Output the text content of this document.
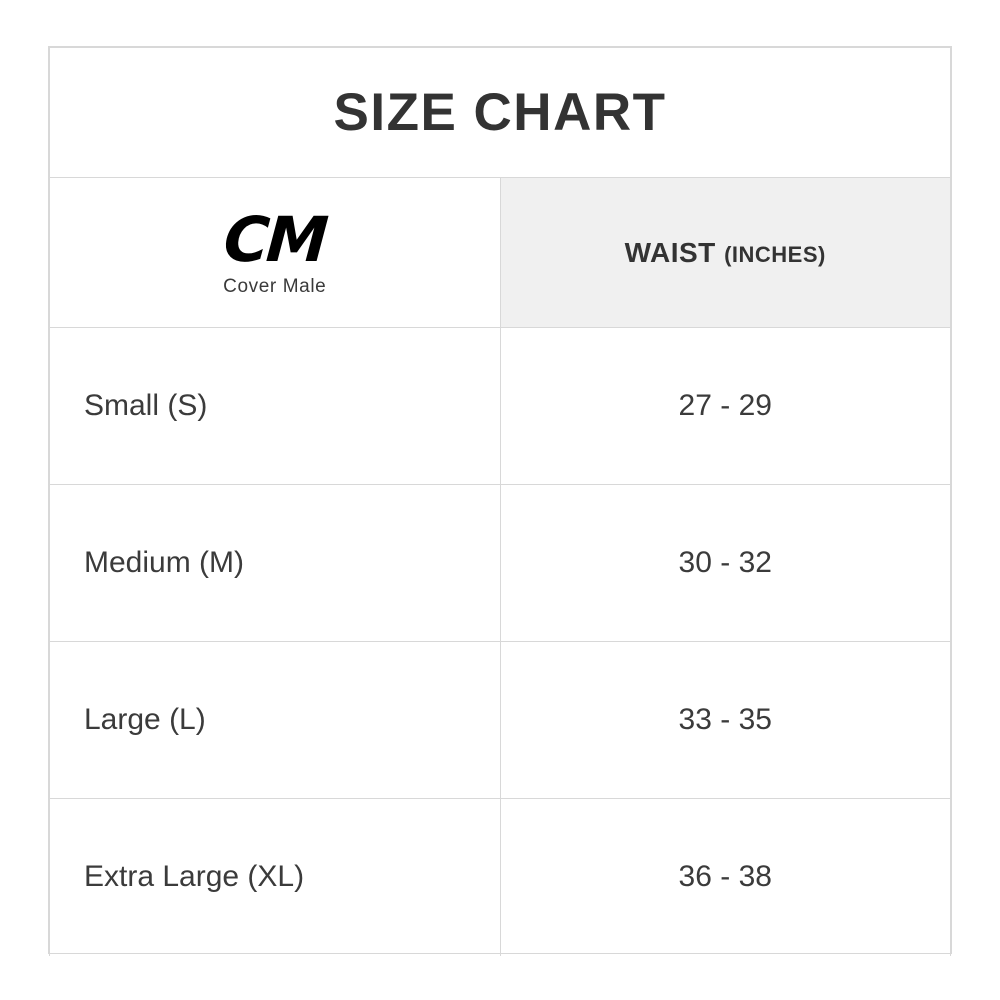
SIZE CHART	

CM
Cover Male	WAIST (INCHES)
Small (S)	27 - 29
Medium (M)	30 - 32
Large (L)	33 - 35
Extra Large (XL)	36 - 38
